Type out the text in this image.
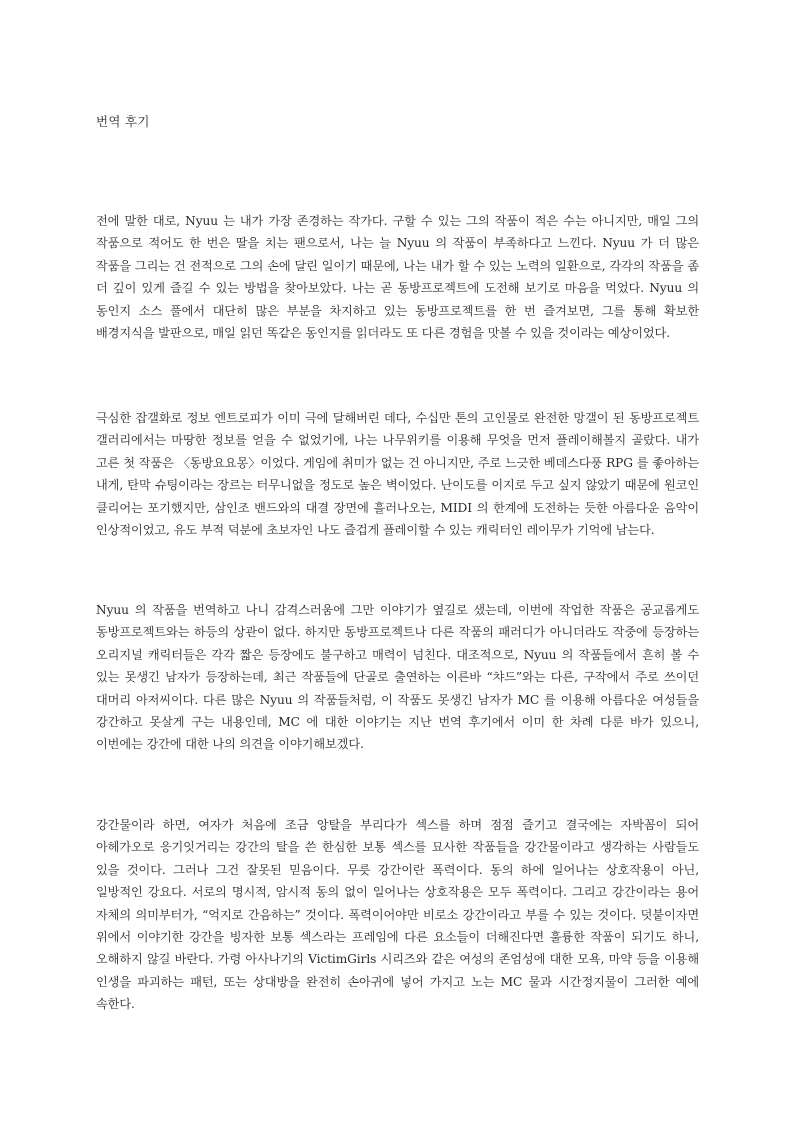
번역 후기

전에 말한 대로, Nyuu 는 내가 가장 존경하는 작가다. 구할 수 있는 그의 작품이 적은 수는 아니지만, 매일 그의 작품으로 적어도 한 번은 딸을 치는 팬으로서, 나는 늘 Nyuu 의 작품이 부족하다고 느낀다. Nyuu 가 더 많은 작품을 그리는 건 전적으로 그의 손에 달린 일이기 때문에, 나는 내가 할 수 있는 노력의 일환으로, 각각의 작품을 좀 더 깊이 있게 즐길 수 있는 방법을 찾아보았다. 나는 곧 동방프로젝트에 도전해 보기로 마음을 먹었다. Nyuu 의 동인지 소스 풀에서 대단히 많은 부분을 차지하고 있는 동방프로젝트를 한 번 즐겨보면, 그를 통해 확보한 배경지식을 발판으로, 매일 읽던 똑같은 동인지를 읽더라도 또 다른 경험을 맛볼 수 있을 것이라는 예상이었다.

극심한 잡갤화로 정보 엔트로피가 이미 극에 달해버린 데다, 수십만 톤의 고인물로 완전한 망갤이 된 동방프로젝트 갤러리에서는 마땅한 정보를 얻을 수 없었기에, 나는 나무위키를 이용해 무엇을 먼저 플레이해볼지 골랐다. 내가 고른 첫 작품은 〈동방요요몽〉이었다. 게임에 취미가 없는 건 아니지만, 주로 느긋한 베데스다풍 RPG 를 좋아하는 내게, 탄막 슈팅이라는 장르는 터무니없을 정도로 높은 벽이었다. 난이도를 이지로 두고 싶지 않았기 때문에 원코인 클리어는 포기했지만, 삼인조 밴드와의 대결 장면에 흘러나오는, MIDI 의 한계에 도전하는 듯한 아름다운 음악이 인상적이었고, 유도 부적 덕분에 초보자인 나도 즐겁게 플레이할 수 있는 캐릭터인 레이무가 기억에 남는다.

Nyuu 의 작품을 번역하고 나니 감격스러움에 그만 이야기가 옆길로 샜는데, 이번에 작업한 작품은 공교롭게도 동방프로젝트와는 하등의 상관이 없다. 하지만 동방프로젝트나 다른 작품의 패러디가 아니더라도 작중에 등장하는 오리지널 캐릭터들은 각각 짧은 등장에도 불구하고 매력이 넘친다. 대조적으로, Nyuu 의 작품들에서 흔히 볼 수 있는 못생긴 남자가 등장하는데, 최근 작품들에 단골로 출연하는 이른바 “챠드”와는 다른, 구작에서 주로 쓰이던 대머리 아저씨이다. 다른 많은 Nyuu 의 작품들처럼, 이 작품도 못생긴 남자가 MC 를 이용해 아름다운 여성들을 강간하고 못살게 구는 내용인데, MC 에 대한 이야기는 지난 번역 후기에서 이미 한 차례 다룬 바가 있으니, 이번에는 강간에 대한 나의 의견을 이야기해보겠다.

강간물이라 하면, 여자가 처음에 조금 앙탈을 부리다가 섹스를 하며 점점 즐기고 결국에는 자박꼼이 되어 아헤가오로 응기잇거리는 강간의 탈을 쓴 한심한 보통 섹스를 묘사한 작품들을 강간물이라고 생각하는 사람들도 있을 것이다. 그러나 그건 잘못된 믿음이다. 무릇 강간이란 폭력이다. 동의 하에 일어나는 상호작용이 아닌, 일방적인 강요다. 서로의 명시적, 암시적 동의 없이 일어나는 상호작용은 모두 폭력이다. 그리고 강간이라는 용어 자체의 의미부터가, “억지로 간음하는” 것이다. 폭력이어야만 비로소 강간이라고 부를 수 있는 것이다. 덧붙이자면 위에서 이야기한 강간을 빙자한 보통 섹스라는 프레임에 다른 요소들이 더해진다면 훌륭한 작품이 되기도 하니, 오해하지 않길 바란다. 가령 아사나기의 VictimGirls 시리즈와 같은 여성의 존엄성에 대한 모욕, 마약 등을 이용해 인생을 파괴하는 패턴, 또는 상대방을 완전히 손아귀에 넣어 가지고 노는 MC 물과 시간정지물이 그러한 예에 속한다.
